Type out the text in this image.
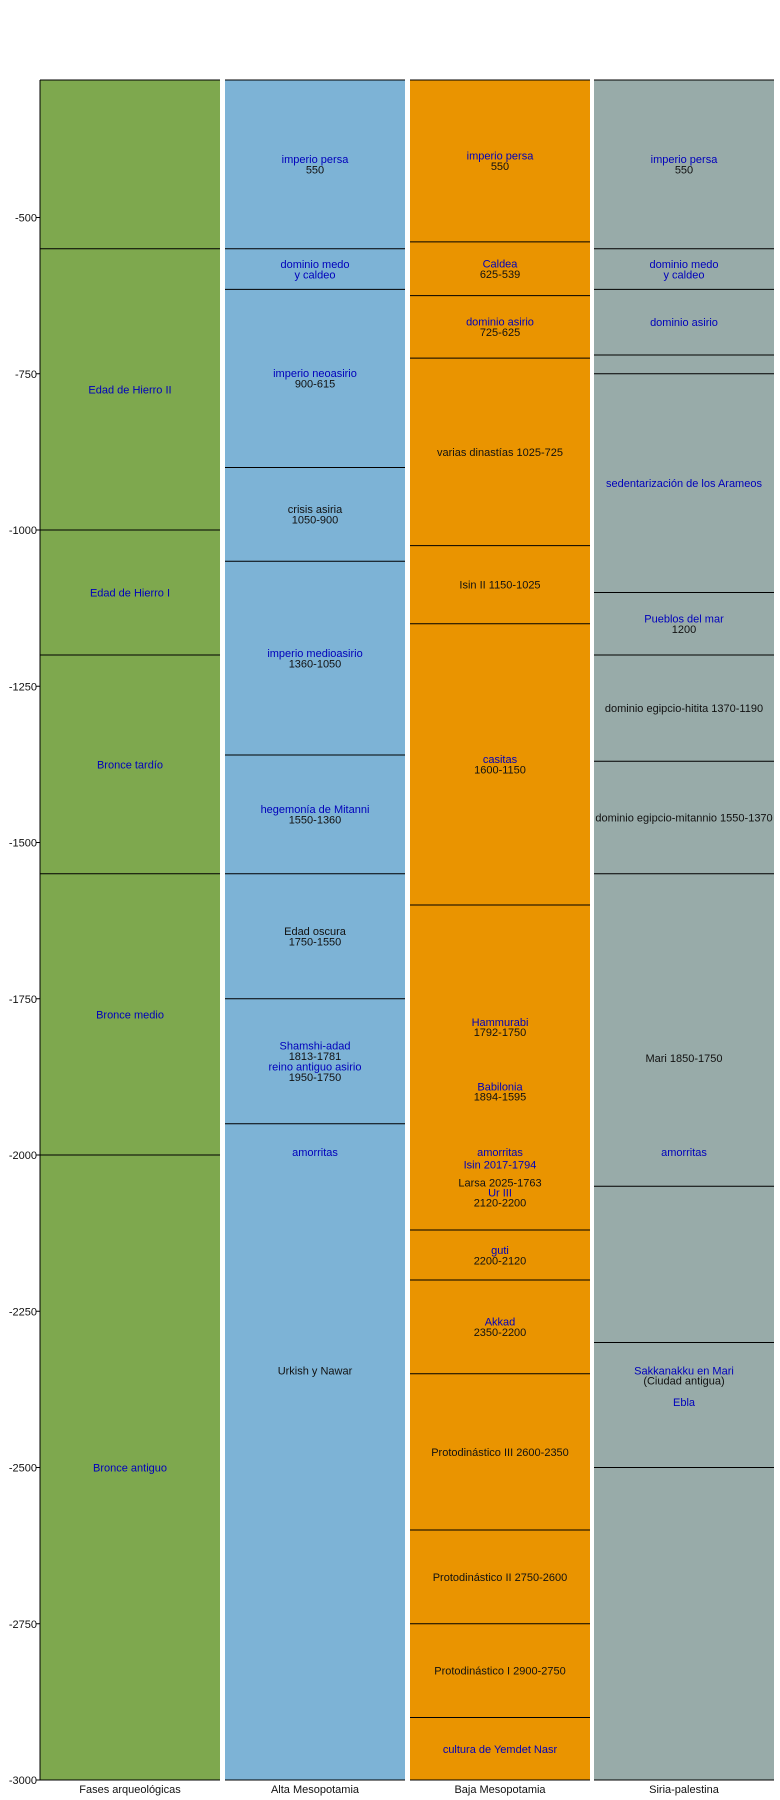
Edad de Hierro II
Edad de Hierro I
Bronce tardío
Bronce medio
Bronce antiguo
Fases arqueológicas
imperio persa
550
dominio medo
y caldeo
imperio neoasirio
900-615
crisis asiria
1050-900
imperio medioasirio
1360-1050
hegemonía de Mitanni
1550-1360
Edad oscura
1750-1550
Shamshi-adad
1813-1781
reino antiguo asirio
1950-1750
amorritas
Urkish y Nawar
Alta Mesopotamia
imperio persa
550
Caldea
625-539
dominio asirio
725-625
varias dinastías 1025-725
Isin II 1150-1025
casitas
1600-1150
Hammurabi
1792-1750
Babilonia
1894-1595
amorritas
Isin 2017-1794
Larsa 2025-1763
Ur III
2120-2200
guti
2200-2120
Akkad
2350-2200
Protodinástico III 2600-2350
Protodinástico II 2750-2600
Protodinástico I 2900-2750
cultura de Yemdet Nasr
Baja Mesopotamia
imperio persa
550
dominio medo
y caldeo
dominio asirio
sedentarización de los Arameos
Pueblos del mar
1200
dominio egipcio-hitita 1370-1190
dominio egipcio-mitannio 1550-1370
Mari 1850-1750
amorritas
Sakkanakku en Mari
(Ciudad antigua)
Ebla
Siria-palestina
-500
-750
-1000
-1250
-1500
-1750
-2000
-2250
-2500
-2750
-3000
